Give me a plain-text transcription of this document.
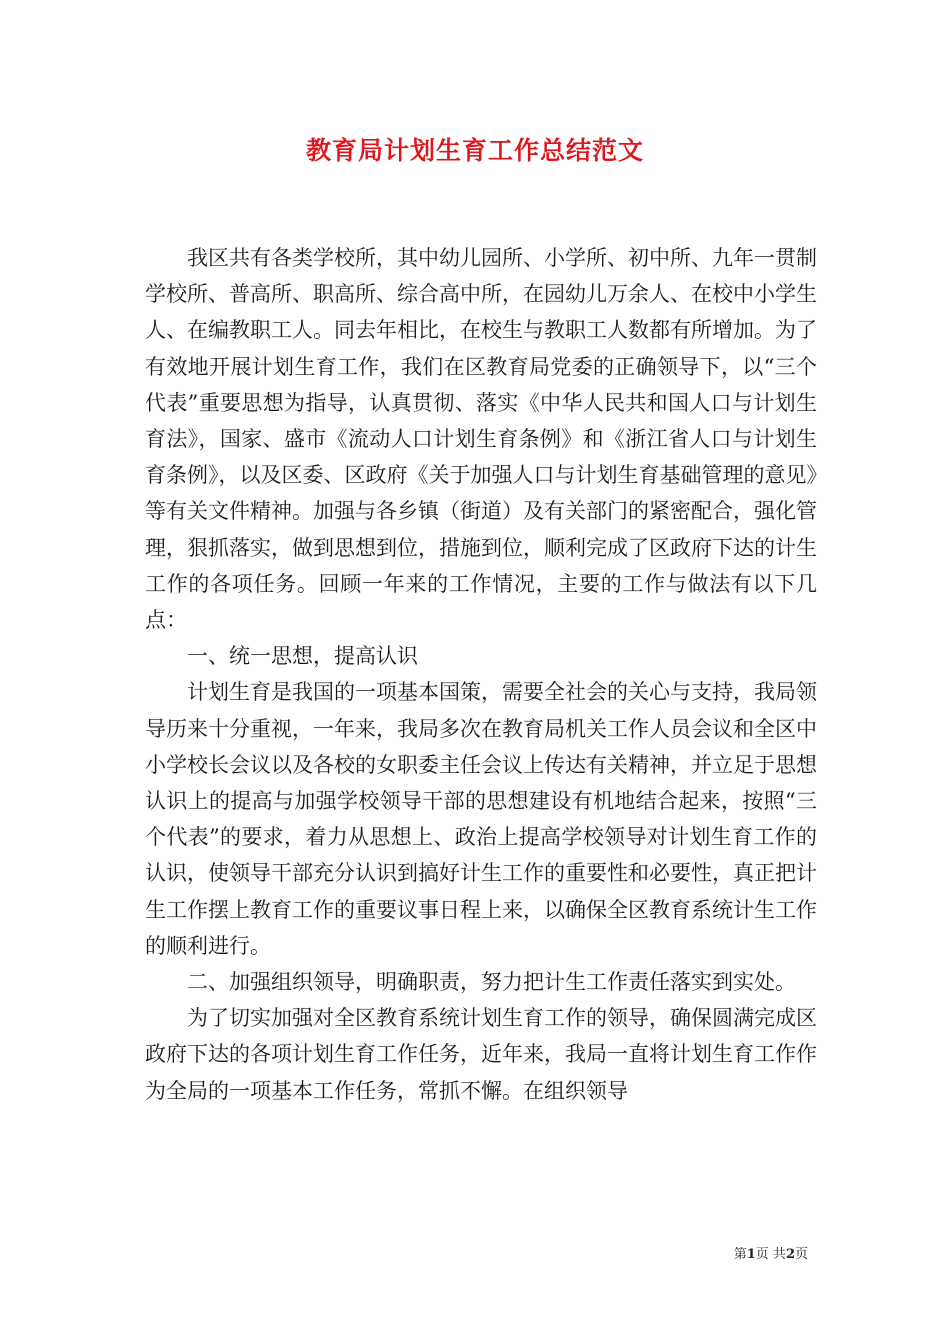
教育局计划生育工作总结范文

我区共有各类学校所，其中幼儿园所、小学所、初中所、九年一贯制学校所、普高所、职高所、综合高中所，在园幼儿万余人、在校中小学生人、在编教职工人。同去年相比，在校生与教职工人数都有所增加。为了有效地开展计划生育工作，我们在区教育局党委的正确领导下，以“三个代表”重要思想为指导，认真贯彻、落实《中华人民共和国人口与计划生育法》，国家、盛市《流动人口计划生育条例》和《浙江省人口与计划生育条例》，以及区委、区政府《关于加强人口与计划生育基础管理的意见》等有关文件精神。加强与各乡镇（街道）及有关部门的紧密配合，强化管理，狠抓落实，做到思想到位，措施到位，顺利完成了区政府下达的计生工作的各项任务。回顾一年来的工作情况，主要的工作与做法有以下几点：

一、统一思想，提高认识

计划生育是我国的一项基本国策，需要全社会的关心与支持，我局领导历来十分重视，一年来，我局多次在教育局机关工作人员会议和全区中小学校长会议以及各校的女职委主任会议上传达有关精神，并立足于思想认识上的提高与加强学校领导干部的思想建设有机地结合起来，按照“三个代表”的要求，着力从思想上、政治上提高学校领导对计划生育工作的认识，使领导干部充分认识到搞好计生工作的重要性和必要性，真正把计生工作摆上教育工作的重要议事日程上来，以确保全区教育系统计生工作的顺利进行。

二、加强组织领导，明确职责，努力把计生工作责任落实到实处。

为了切实加强对全区教育系统计划生育工作的领导，确保圆满完成区政府下达的各项计划生育工作任务，近年来，我局一直将计划生育工作作为全局的一项基本工作任务，常抓不懈。在组织领导

第1页 共2页
